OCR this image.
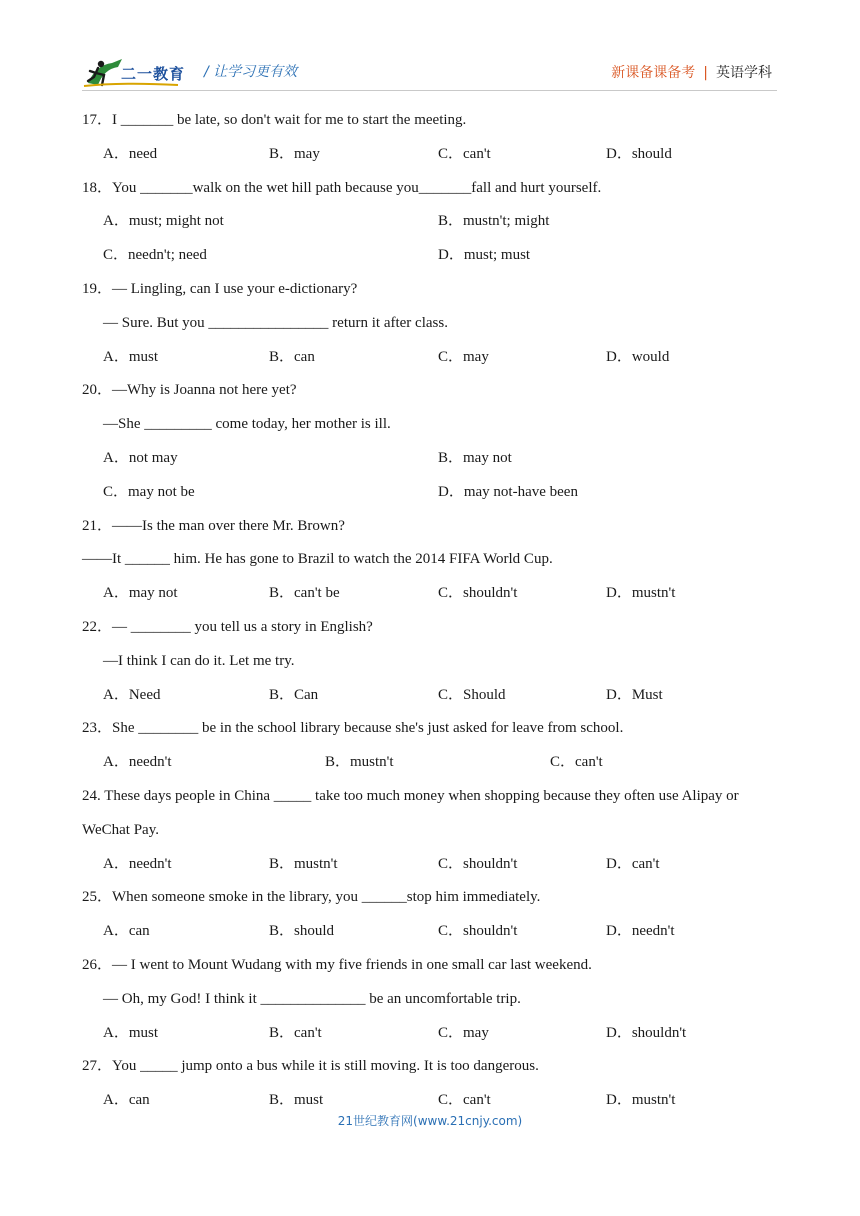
二一教育 / 让学习更有效	新课备课备考 | 英语学科
17．I _______ be late, so don't wait for me to start the meeting.
A．need	B．may	C．can't	D．should
18．You _______walk on the wet hill path because you_______fall and hurt yourself.
A．must; might not	B．mustn't; might
C．needn't; need	D．must; must
19．— Lingling, can I use your e-dictionary?
— Sure. But you ________________ return it after class.
A．must	B．can	C．may	D．would
20．—Why is Joanna not here yet?
—She _________ come today, her mother is ill.
A．not may	B．may not
C．may not be	D．may not-have been
21．——Is the man over there Mr. Brown?
——It ______ him. He has gone to Brazil to watch the 2014 FIFA World Cup.
A．may not	B．can't be	C．shouldn't	D．mustn't
22．— ________ you tell us a story in English?
—I think I can do it. Let me try.
A．Need	B．Can	C．Should	D．Must
23．She ________ be in the school library because she's just asked for leave from school.
A．needn't	B．mustn't	C．can't
24. These days people in China _____ take too much money when shopping because they often use Alipay or
WeChat Pay.
A．needn't	B．mustn't	C．shouldn't	D．can't
25．When someone smoke in the library, you ______stop him immediately.
A．can	B．should	C．shouldn't	D．needn't
26．— I went to Mount Wudang with my five friends in one small car last weekend.
— Oh, my God! I think it ______________ be an uncomfortable trip.
A．must	B．can't	C．may	D．shouldn't
27．You _____ jump onto a bus while it is still moving. It is too dangerous.
A．can	B．must	C．can't	D．mustn't
21世纪教育网(www.21cnjy.com)
